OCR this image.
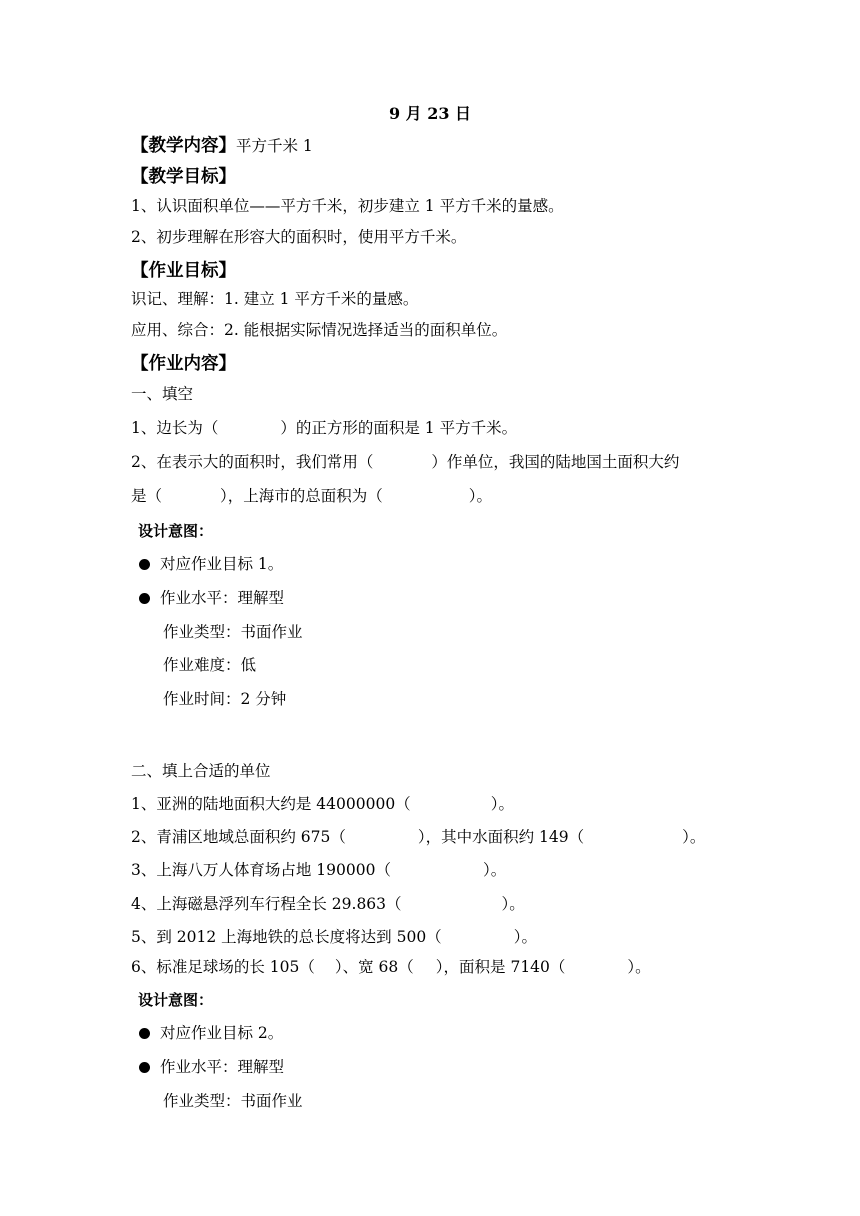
9 月 23 日
【教学内容】平方千米 1
【教学目标】
1、认识面积单位——平方千米，初步建立 1 平方千米的量感。
2、初步理解在形容大的面积时，使用平方千米。
【作业目标】
识记、理解：1. 建立 1 平方千米的量感。
应用、综合：2. 能根据实际情况选择适当的面积单位。
【作业内容】
一、填空
1、边长为（	）的正方形的面积是 1 平方千米。
2、在表示大的面积时，我们常用（	）作单位，我国的陆地国土面积大约
是（	），上海市的总面积为（	）。
设计意图：
对应作业目标 1。
作业水平：理解型
作业类型：书面作业
作业难度：低
作业时间：2 分钟
二、填上合适的单位
1、亚洲的陆地面积大约是 44000000（	）。
2、青浦区地域总面积约 675（	），其中水面积约 149（	）。
3、上海八万人体育场占地 190000（	）。
4、上海磁悬浮列车行程全长 29.863（	）。
5、到 2012 上海地铁的总长度将达到 500（	）。
6、标准足球场的长 105（ ）、宽 68（ ），面积是 7140（	）。
设计意图：
对应作业目标 2。
作业水平：理解型
作业类型：书面作业
